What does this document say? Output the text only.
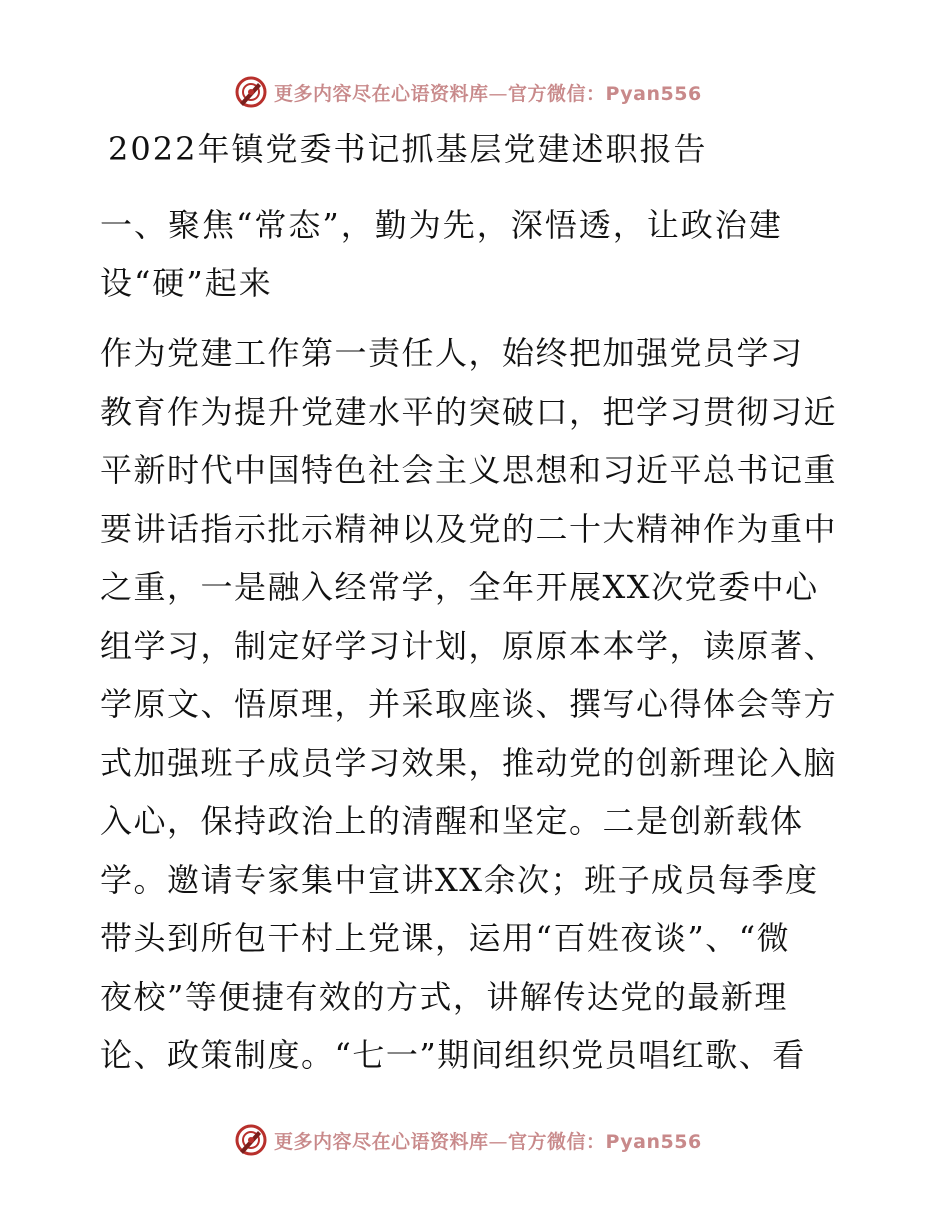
更多内容尽在心语资料库—官方微信：Pyan556
2022年镇党委书记抓基层党建述职报告
一、聚焦“常态”，勤为先，深悟透，让政治建
设“硬”起来
作为党建工作第一责任人，始终把加强党员学习
教育作为提升党建水平的突破口，把学习贯彻习近
平新时代中国特色社会主义思想和习近平总书记重
要讲话指示批示精神以及党的二十大精神作为重中
之重，一是融入经常学，全年开展XX次党委中心
组学习，制定好学习计划，原原本本学，读原著、
学原文、悟原理，并采取座谈、撰写心得体会等方
式加强班子成员学习效果，推动党的创新理论入脑
入心，保持政治上的清醒和坚定。二是创新载体
学。邀请专家集中宣讲XX余次；班子成员每季度
带头到所包干村上党课，运用“百姓夜谈”、“微
夜校”等便捷有效的方式，讲解传达党的最新理
论、政策制度。“七一”期间组织党员唱红歌、看
更多内容尽在心语资料库—官方微信：Pyan556
